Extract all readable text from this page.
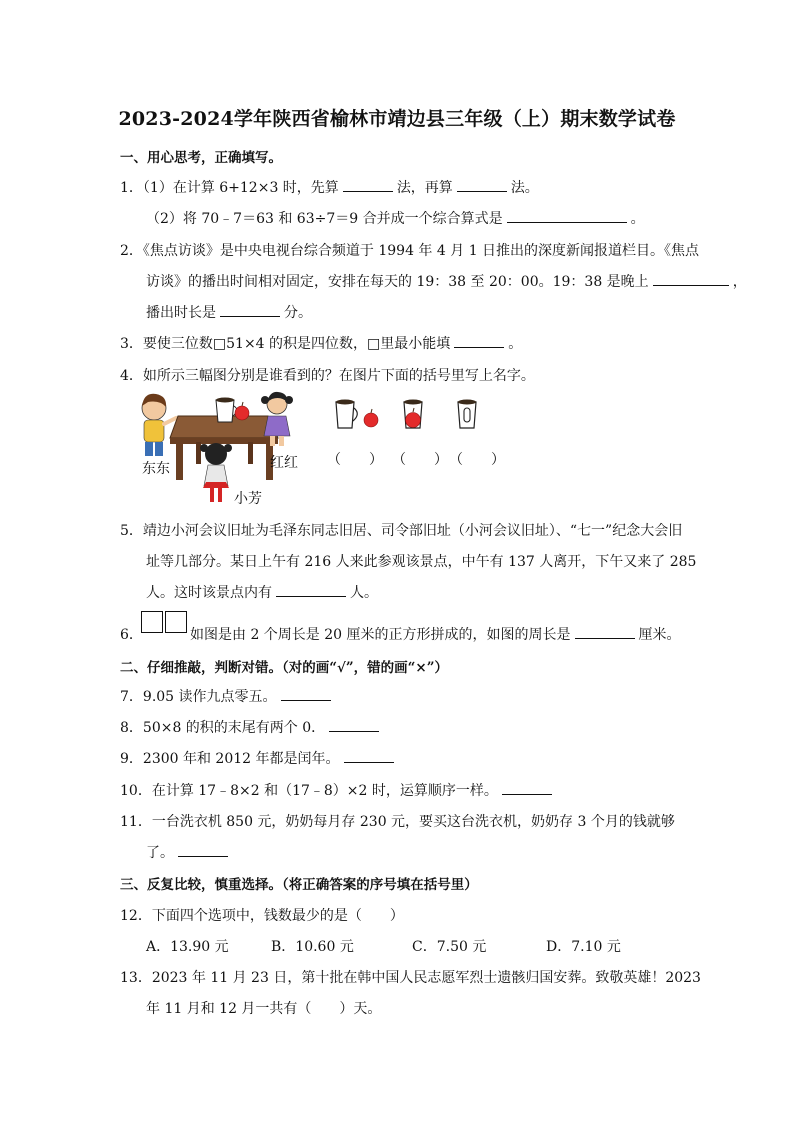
2023-2024学年陕西省榆林市靖边县三年级（上）期末数学试卷
一、用心思考，正确填写。
1．（1）在计算 6+12×3 时，先算	法，再算	法。
（2）将 70﹣7＝63 和 63÷7＝9 合并成一个综合算式是	。
2．《焦点访谈》是中央电视台综合频道于 1994 年 4 月 1 日推出的深度新闻报道栏目。《焦点
访谈》的播出时间相对固定，安排在每天的 19：38 至 20：00。19：38 是晚上	，
播出时长是	分。
3．要使三位数□51×4 的积是四位数，□里最小能填	。
4．如所示三幅图分别是谁看到的？在图片下面的括号里写上名字。
东东	红红
小芳
（　　） （　　） （　　）
5．靖边小河会议旧址为毛泽东同志旧居、司令部旧址（小河会议旧址）、“七一”纪念大会旧
址等几部分。某日上午有 216 人来此参观该景点，中午有 137 人离开，下午又来了 285
人。这时该景点内有	人。
6．	如图是由 2 个周长是 20 厘米的正方形拼成的，如图的周长是	厘米。
二、仔细推敲，判断对错。（对的画“√”，错的画“×”）
7．9.05 读作九点零五。
8．50×8 的积的末尾有两个 0．
9．2300 年和 2012 年都是闰年。
10．在计算 17﹣8×2 和（17﹣8）×2 时，运算顺序一样。
11．一台洗衣机 850 元，奶奶每月存 230 元，要买这台洗衣机，奶奶存 3 个月的钱就够
了。
三、反复比较，慎重选择。（将正确答案的序号填在括号里）
12．下面四个选项中，钱数最少的是（　　）
A．13.90 元	B．10.60 元	C．7.50 元	D．7.10 元
13．2023 年 11 月 23 日，第十批在韩中国人民志愿军烈士遗骸归国安葬。致敬英雄！2023
年 11 月和 12 月一共有（　　）天。
